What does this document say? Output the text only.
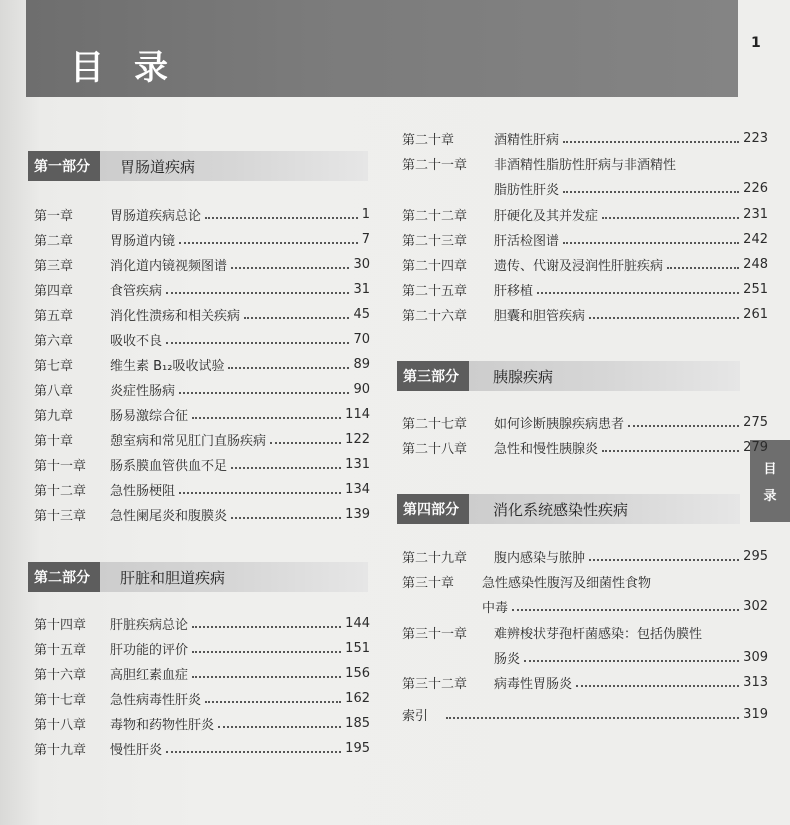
目录
1
目
录
第一部分	胃肠道疾病
第一章	胃肠道疾病总论	1
第二章	胃肠道内镜	7
第三章	消化道内镜视频图谱	30
第四章	食管疾病	31
第五章	消化性溃疡和相关疾病	45
第六章	吸收不良	70
第七章	维生素 B₁₂吸收试验	89
第八章	炎症性肠病	90
第九章	肠易激综合征	114
第十章	憩室病和常见肛门直肠疾病	122
第十一章	肠系膜血管供血不足	131
第十二章	急性肠梗阻	134
第十三章	急性阑尾炎和腹膜炎	139
第二部分	肝脏和胆道疾病
第十四章	肝脏疾病总论	144
第十五章	肝功能的评价	151
第十六章	高胆红素血症	156
第十七章	急性病毒性肝炎	162
第十八章	毒物和药物性肝炎	185
第十九章	慢性肝炎	195
第二十章	酒精性肝病	223
第二十一章	非酒精性脂肪性肝病与非酒精性
脂肪性肝炎	226
第二十二章	肝硬化及其并发症	231
第二十三章	肝活检图谱	242
第二十四章	遗传、代谢及浸润性肝脏疾病	248
第二十五章	肝移植	251
第二十六章	胆囊和胆管疾病	261
第三部分	胰腺疾病
第二十七章	如何诊断胰腺疾病患者	275
第二十八章	急性和慢性胰腺炎	279
第四部分	消化系统感染性疾病
第二十九章	腹内感染与脓肿	295
第三十章	急性感染性腹泻及细菌性食物
中毒	302
第三十一章	难辨梭状芽孢杆菌感染：包括伪膜性
肠炎	309
第三十二章	病毒性胃肠炎	313
索引	319
